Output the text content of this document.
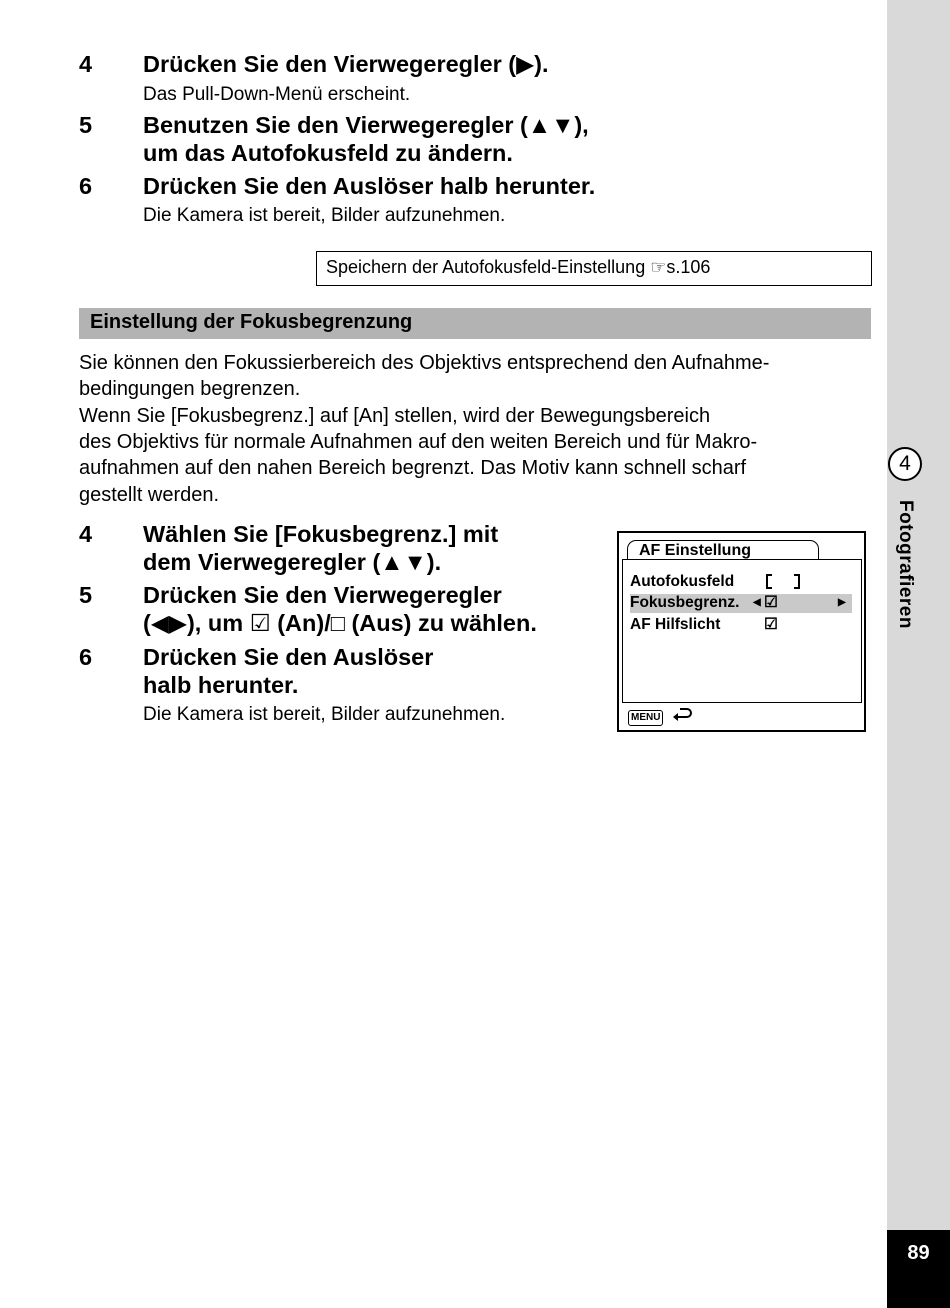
4
Fotografieren
89
4	Drücken Sie den Vierwegeregler (▶).
Das Pull-Down-Menü erscheint.
5	Benutzen Sie den Vierwegeregler (▲▼),
um das Autofokusfeld zu ändern.
6	Drücken Sie den Auslöser halb herunter.
Die Kamera ist bereit, Bilder aufzunehmen.
Speichern der Autofokusfeld-Einstellung ☞s.106
Einstellung der Fokusbegrenzung
Sie können den Fokussierbereich des Objektivs entsprechend den Aufnahme-
bedingungen begrenzen.
Wenn Sie [Fokusbegrenz.] auf [An] stellen, wird der Bewegungsbereich
des Objektivs für normale Aufnahmen auf den weiten Bereich und für Makro-
aufnahmen auf den nahen Bereich begrenzt. Das Motiv kann schnell scharf
gestellt werden.
4	Wählen Sie [Fokusbegrenz.] mit
dem Vierwegeregler (▲▼).
5	Drücken Sie den Vierwegeregler
(◀▶), um ☑ (An)/□ (Aus) zu wählen.
6	Drücken Sie den Auslöser
halb herunter.
Die Kamera ist bereit, Bilder aufzunehmen.
AF Einstellung
Autofokusfeld
Fokusbegrenz. ◀ ☑	▶
AF Hilfslicht	☑
MENU
